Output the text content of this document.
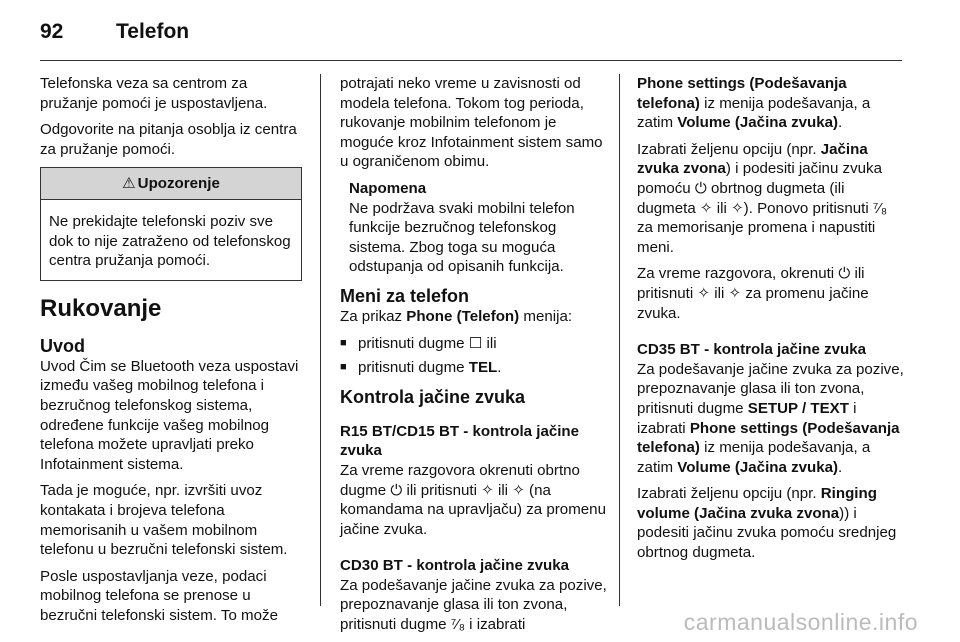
92	Telefon

Telefonska veza sa centrom za pružanje pomoći je uspostavljena.

Odgovorite na pitanja osoblja iz centra za pružanje pomoći.

⚠ Upozorenje
Ne prekidajte telefonski poziv sve dok to nije zatraženo od telefonskog centra pružanja pomoći.
Rukovanje
Uvod

Uvod Čim se Bluetooth veza uspostavi između vašeg mobilnog telefona i bezručnog telefonskog sistema, određene funkcije vašeg mobilnog telefona možete upravljati preko Infotainment sistema.

Tada je moguće, npr. izvršiti uvoz kontakata i brojeva telefona memorisanih u vašem mobilnom telefonu u bezručni telefonski sistem.

Posle uspostavljanja veze, podaci mobilnog telefona se prenose u bezručni telefonski sistem. To može

potrajati neko vreme u zavisnosti od modela telefona. Tokom tog perioda, rukovanje mobilnim telefonom je moguće kroz Infotainment sistem samo u ograničenom obimu.

Napomena
Ne podržava svaki mobilni telefon funkcije bezručnog telefonskog sistema. Zbog toga su moguća odstupanja od opisanih funkcija.
Meni za telefon

Za prikaz Phone (Telefon) menija:

■ pritisnuti dugme ☐ ili
■ pritisnuti dugme TEL.
Kontrola jačine zvuka
R15 BT/CD15 BT - kontrola jačine zvuka

Za vreme razgovora okrenuti obrtno dugme ⏻ ili pritisnuti ✧ ili ✧ (na komandama na upravljaču) za promenu jačine zvuka.

CD30 BT - kontrola jačine zvuka

Za podešavanje jačine zvuka za pozive, prepoznavanje glasa ili ton zvona, pritisnuti dugme ⁷⁄₈ i izabrati

Phone settings (Podešavanja telefona) iz menija podešavanja, a zatim Volume (Jačina zvuka).

Izabrati željenu opciju (npr. Jačina zvuka zvona) i podesiti jačinu zvuka pomoću ⏻ obrtnog dugmeta (ili dugmeta ✧ ili ✧). Ponovo pritisnuti ⁷⁄₈ za memorisanje promena i napustiti meni.

Za vreme razgovora, okrenuti ⏻ ili pritisnuti ✧ ili ✧ za promenu jačine zvuka.

CD35 BT - kontrola jačine zvuka

Za podešavanje jačine zvuka za pozive, prepoznavanje glasa ili ton zvona, pritisnuti dugme SETUP / TEXT i izabrati Phone settings (Podešavanja telefona) iz menija podešavanja, a zatim Volume (Jačina zvuka).

Izabrati željenu opciju (npr. Ringing volume (Jačina zvuka zvona)) i podesiti jačinu zvuka pomoću srednjeg obrtnog dugmeta.

carmanualsonline.info
